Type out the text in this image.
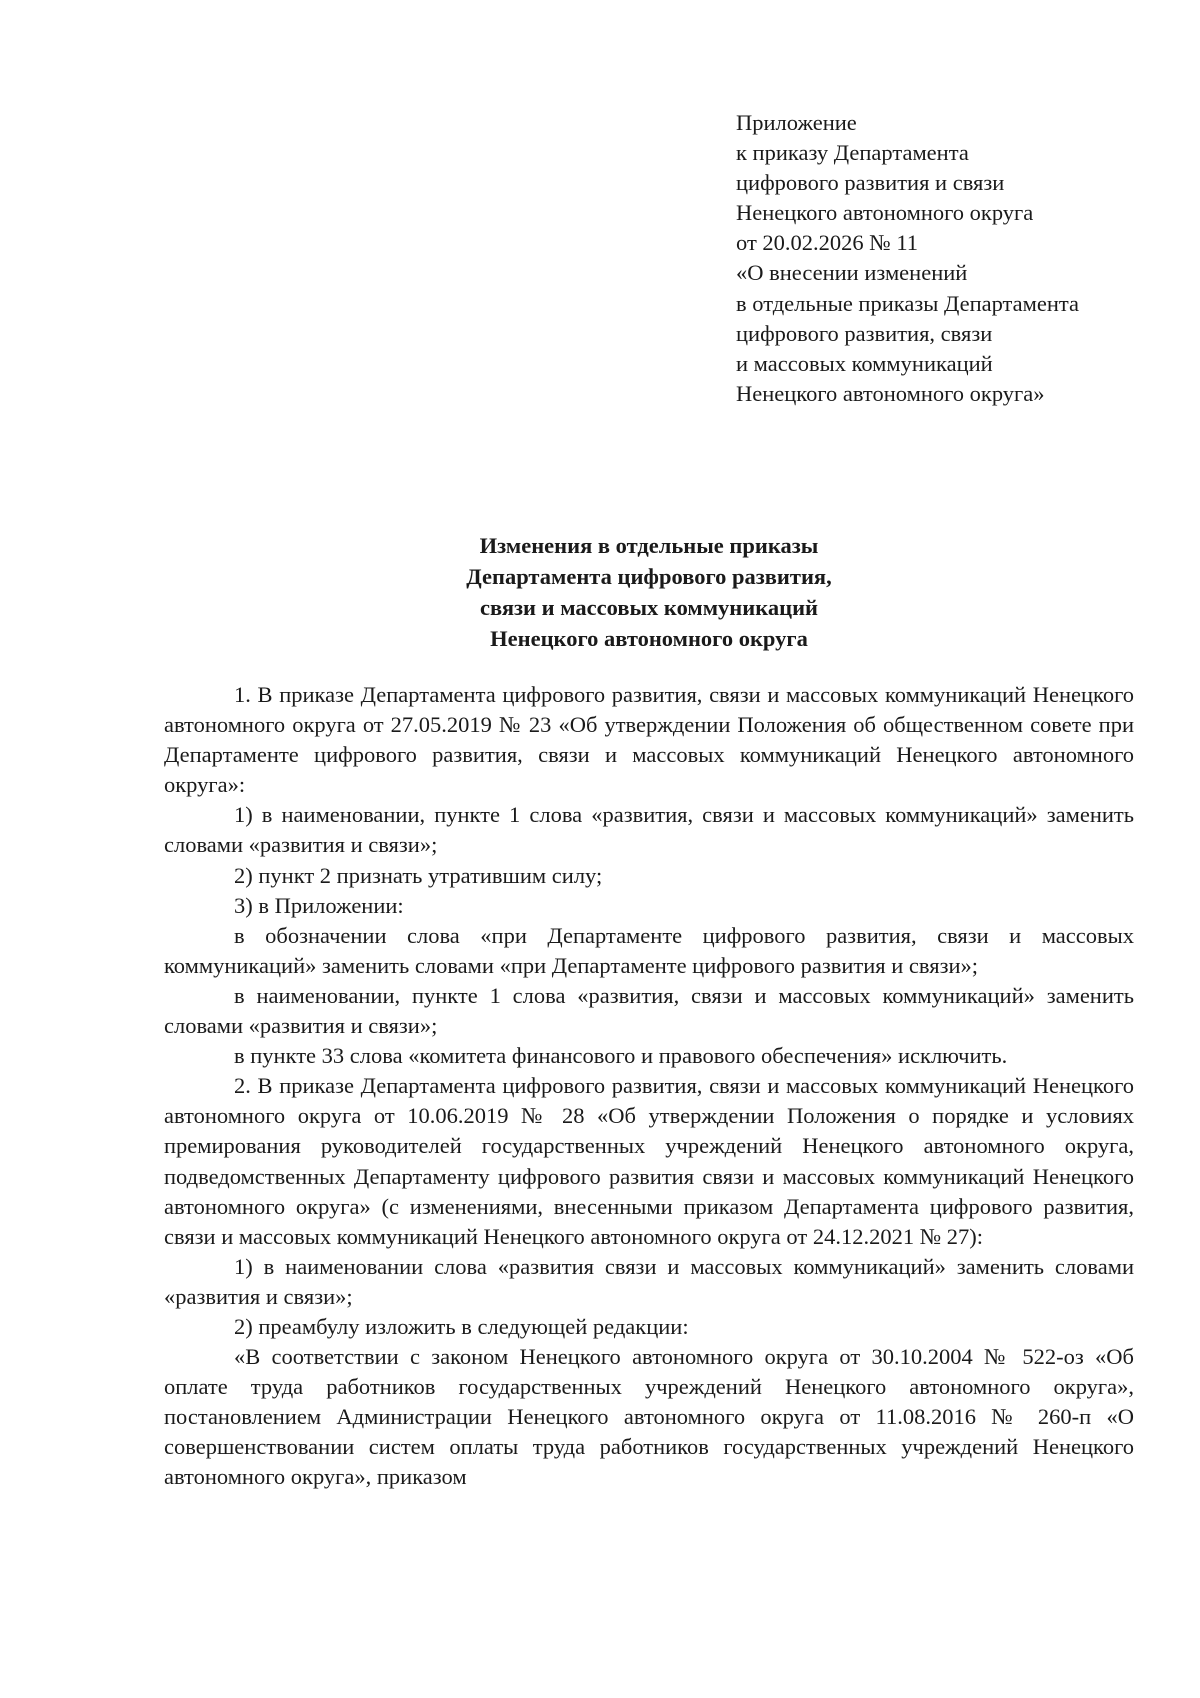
Приложение
к приказу Департамента
цифрового развития и связи
Ненецкого автономного округа
от 20.02.2026 № 11
«О внесении изменений
в отдельные приказы Департамента
цифрового развития, связи
и массовых коммуникаций
Ненецкого автономного округа»
Изменения в отдельные приказы
Департамента цифрового развития,
связи и массовых коммуникаций
Ненецкого автономного округа

1. В приказе Департамента цифрового развития, связи и массовых коммуникаций Ненецкого автономного округа от 27.05.2019 № 23 «Об утверждении Положения об общественном совете при Департаменте цифрового развития, связи и массовых коммуникаций Ненецкого автономного округа»:

1) в наименовании, пункте 1 слова «развития, связи и массовых коммуникаций» заменить словами «развития и связи»;

2) пункт 2 признать утратившим силу;

3) в Приложении:

в обозначении слова «при Департаменте цифрового развития, связи и массовых коммуникаций» заменить словами «при Департаменте цифрового развития и связи»;

в наименовании, пункте 1 слова «развития, связи и массовых коммуникаций» заменить словами «развития и связи»;

в пункте 33 слова «комитета финансового и правового обеспечения» исключить.

2. В приказе Департамента цифрового развития, связи и массовых коммуникаций Ненецкого автономного округа от 10.06.2019 № 28 «Об утверждении Положения о порядке и условиях премирования руководителей государственных учреждений Ненецкого автономного округа, подведомственных Департаменту цифрового развития связи и массовых коммуникаций Ненецкого автономного округа» (с изменениями, внесенными приказом Департамента цифрового развития, связи и массовых коммуникаций Ненецкого автономного округа от 24.12.2021 № 27):

1) в наименовании слова «развития связи и массовых коммуникаций» заменить словами «развития и связи»;

2) преамбулу изложить в следующей редакции:

«В соответствии с законом Ненецкого автономного округа от 30.10.2004 № 522-оз «Об оплате труда работников государственных учреждений Ненецкого автономного округа», постановлением Администрации Ненецкого автономного округа от 11.08.2016 № 260-п «О совершенствовании систем оплаты труда работников государственных учреждений Ненецкого автономного округа», приказом
